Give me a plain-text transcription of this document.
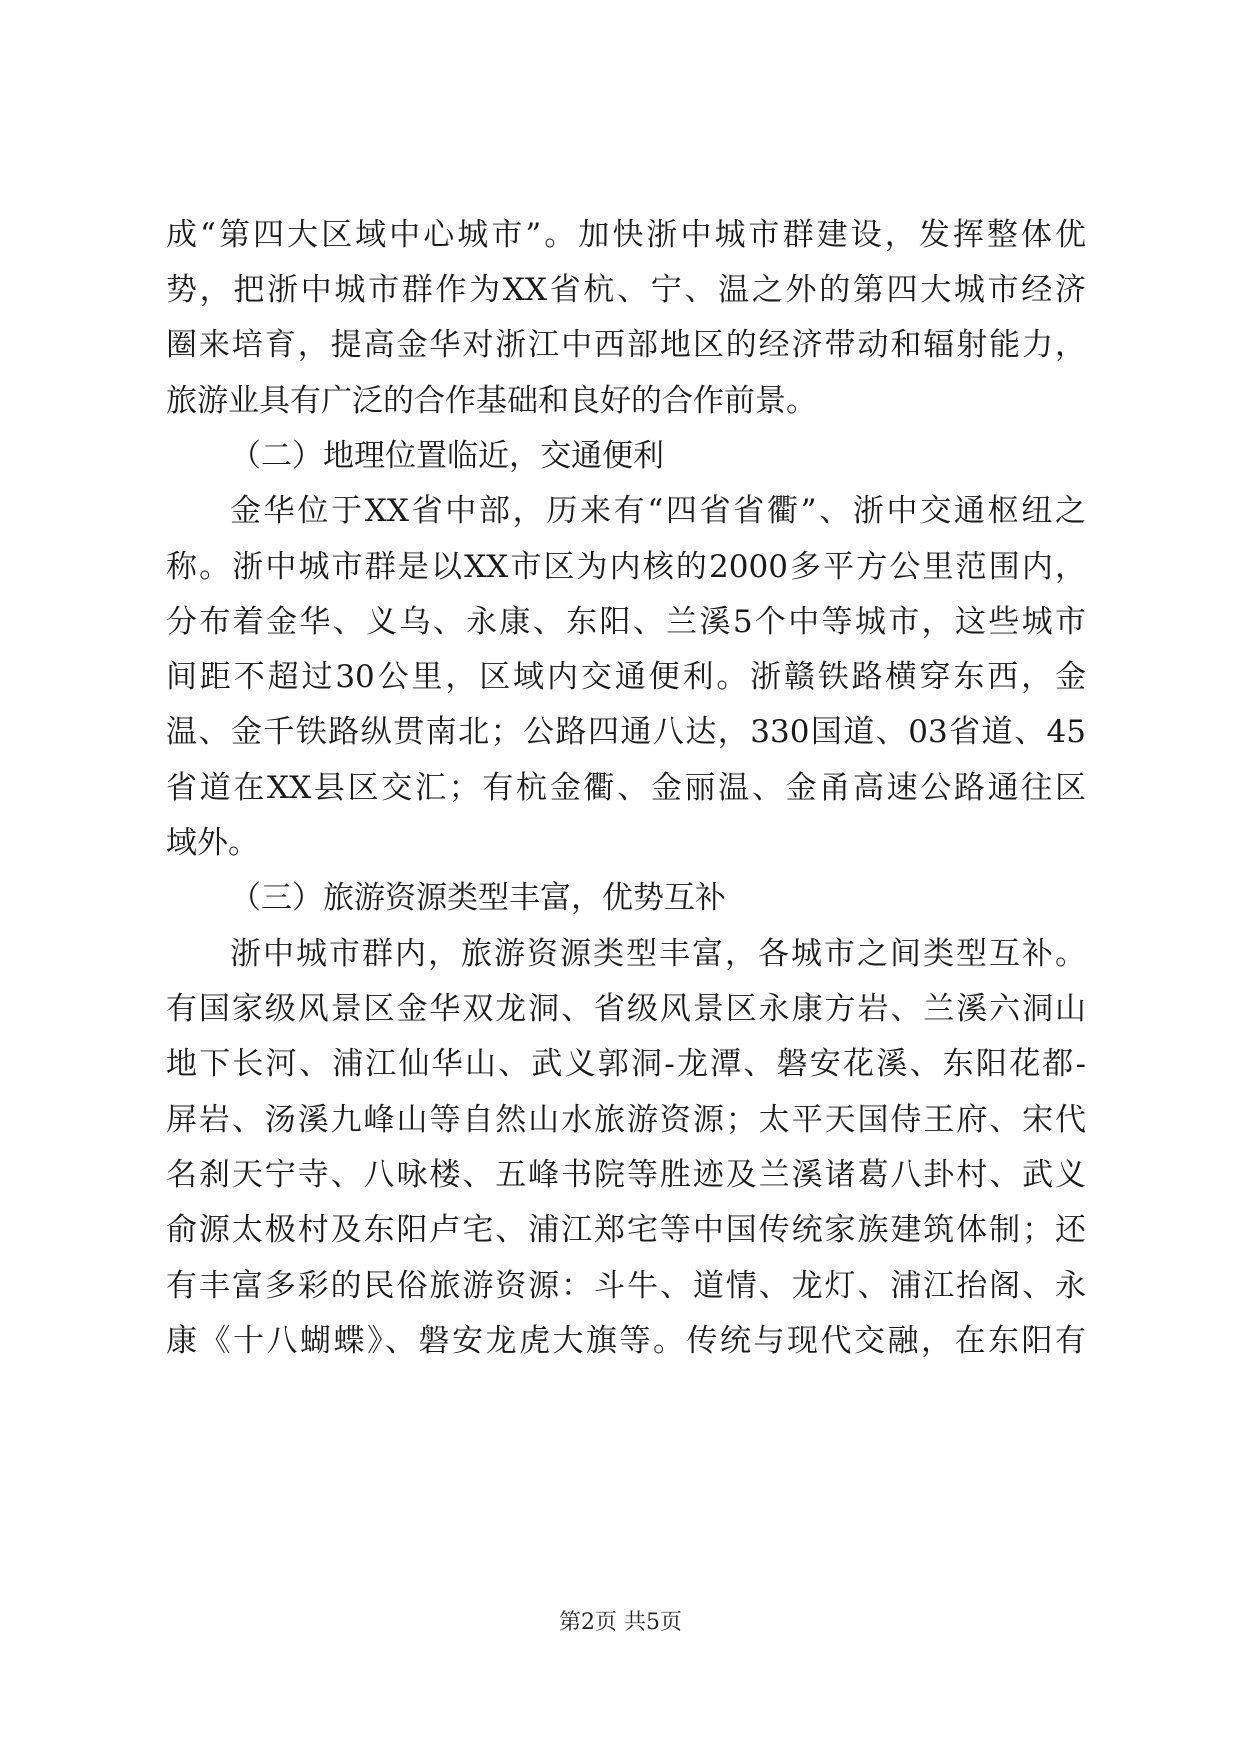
成“第四大区域中心城市”。加快浙中城市群建设，发挥整体优
势，把浙中城市群作为XX省杭、宁、温之外的第四大城市经济
圈来培育，提高金华对浙江中西部地区的经济带动和辐射能力，
旅游业具有广泛的合作基础和良好的合作前景。
（二）地理位置临近，交通便利
金华位于XX省中部，历来有“四省省衢”、浙中交通枢纽之
称。浙中城市群是以XX市区为内核的2000多平方公里范围内，
分布着金华、义乌、永康、东阳、兰溪5个中等城市，这些城市
间距不超过30公里，区域内交通便利。浙赣铁路横穿东西，金
温、金千铁路纵贯南北；公路四通八达，330国道、03省道、45
省道在XX县区交汇；有杭金衢、金丽温、金甬高速公路通往区
域外。
（三）旅游资源类型丰富，优势互补
浙中城市群内，旅游资源类型丰富，各城市之间类型互补。
有国家级风景区金华双龙洞、省级风景区永康方岩、兰溪六洞山
地下长河、浦江仙华山、武义郭洞-龙潭、磐安花溪、东阳花都-
屏岩、汤溪九峰山等自然山水旅游资源；太平天国侍王府、宋代
名刹天宁寺、八咏楼、五峰书院等胜迹及兰溪诸葛八卦村、武义
俞源太极村及东阳卢宅、浦江郑宅等中国传统家族建筑体制；还
有丰富多彩的民俗旅游资源：斗牛、道情、龙灯、浦江抬阁、永
康《十八蝴蝶》、磐安龙虎大旗等。传统与现代交融，在东阳有
第2页 共5页
